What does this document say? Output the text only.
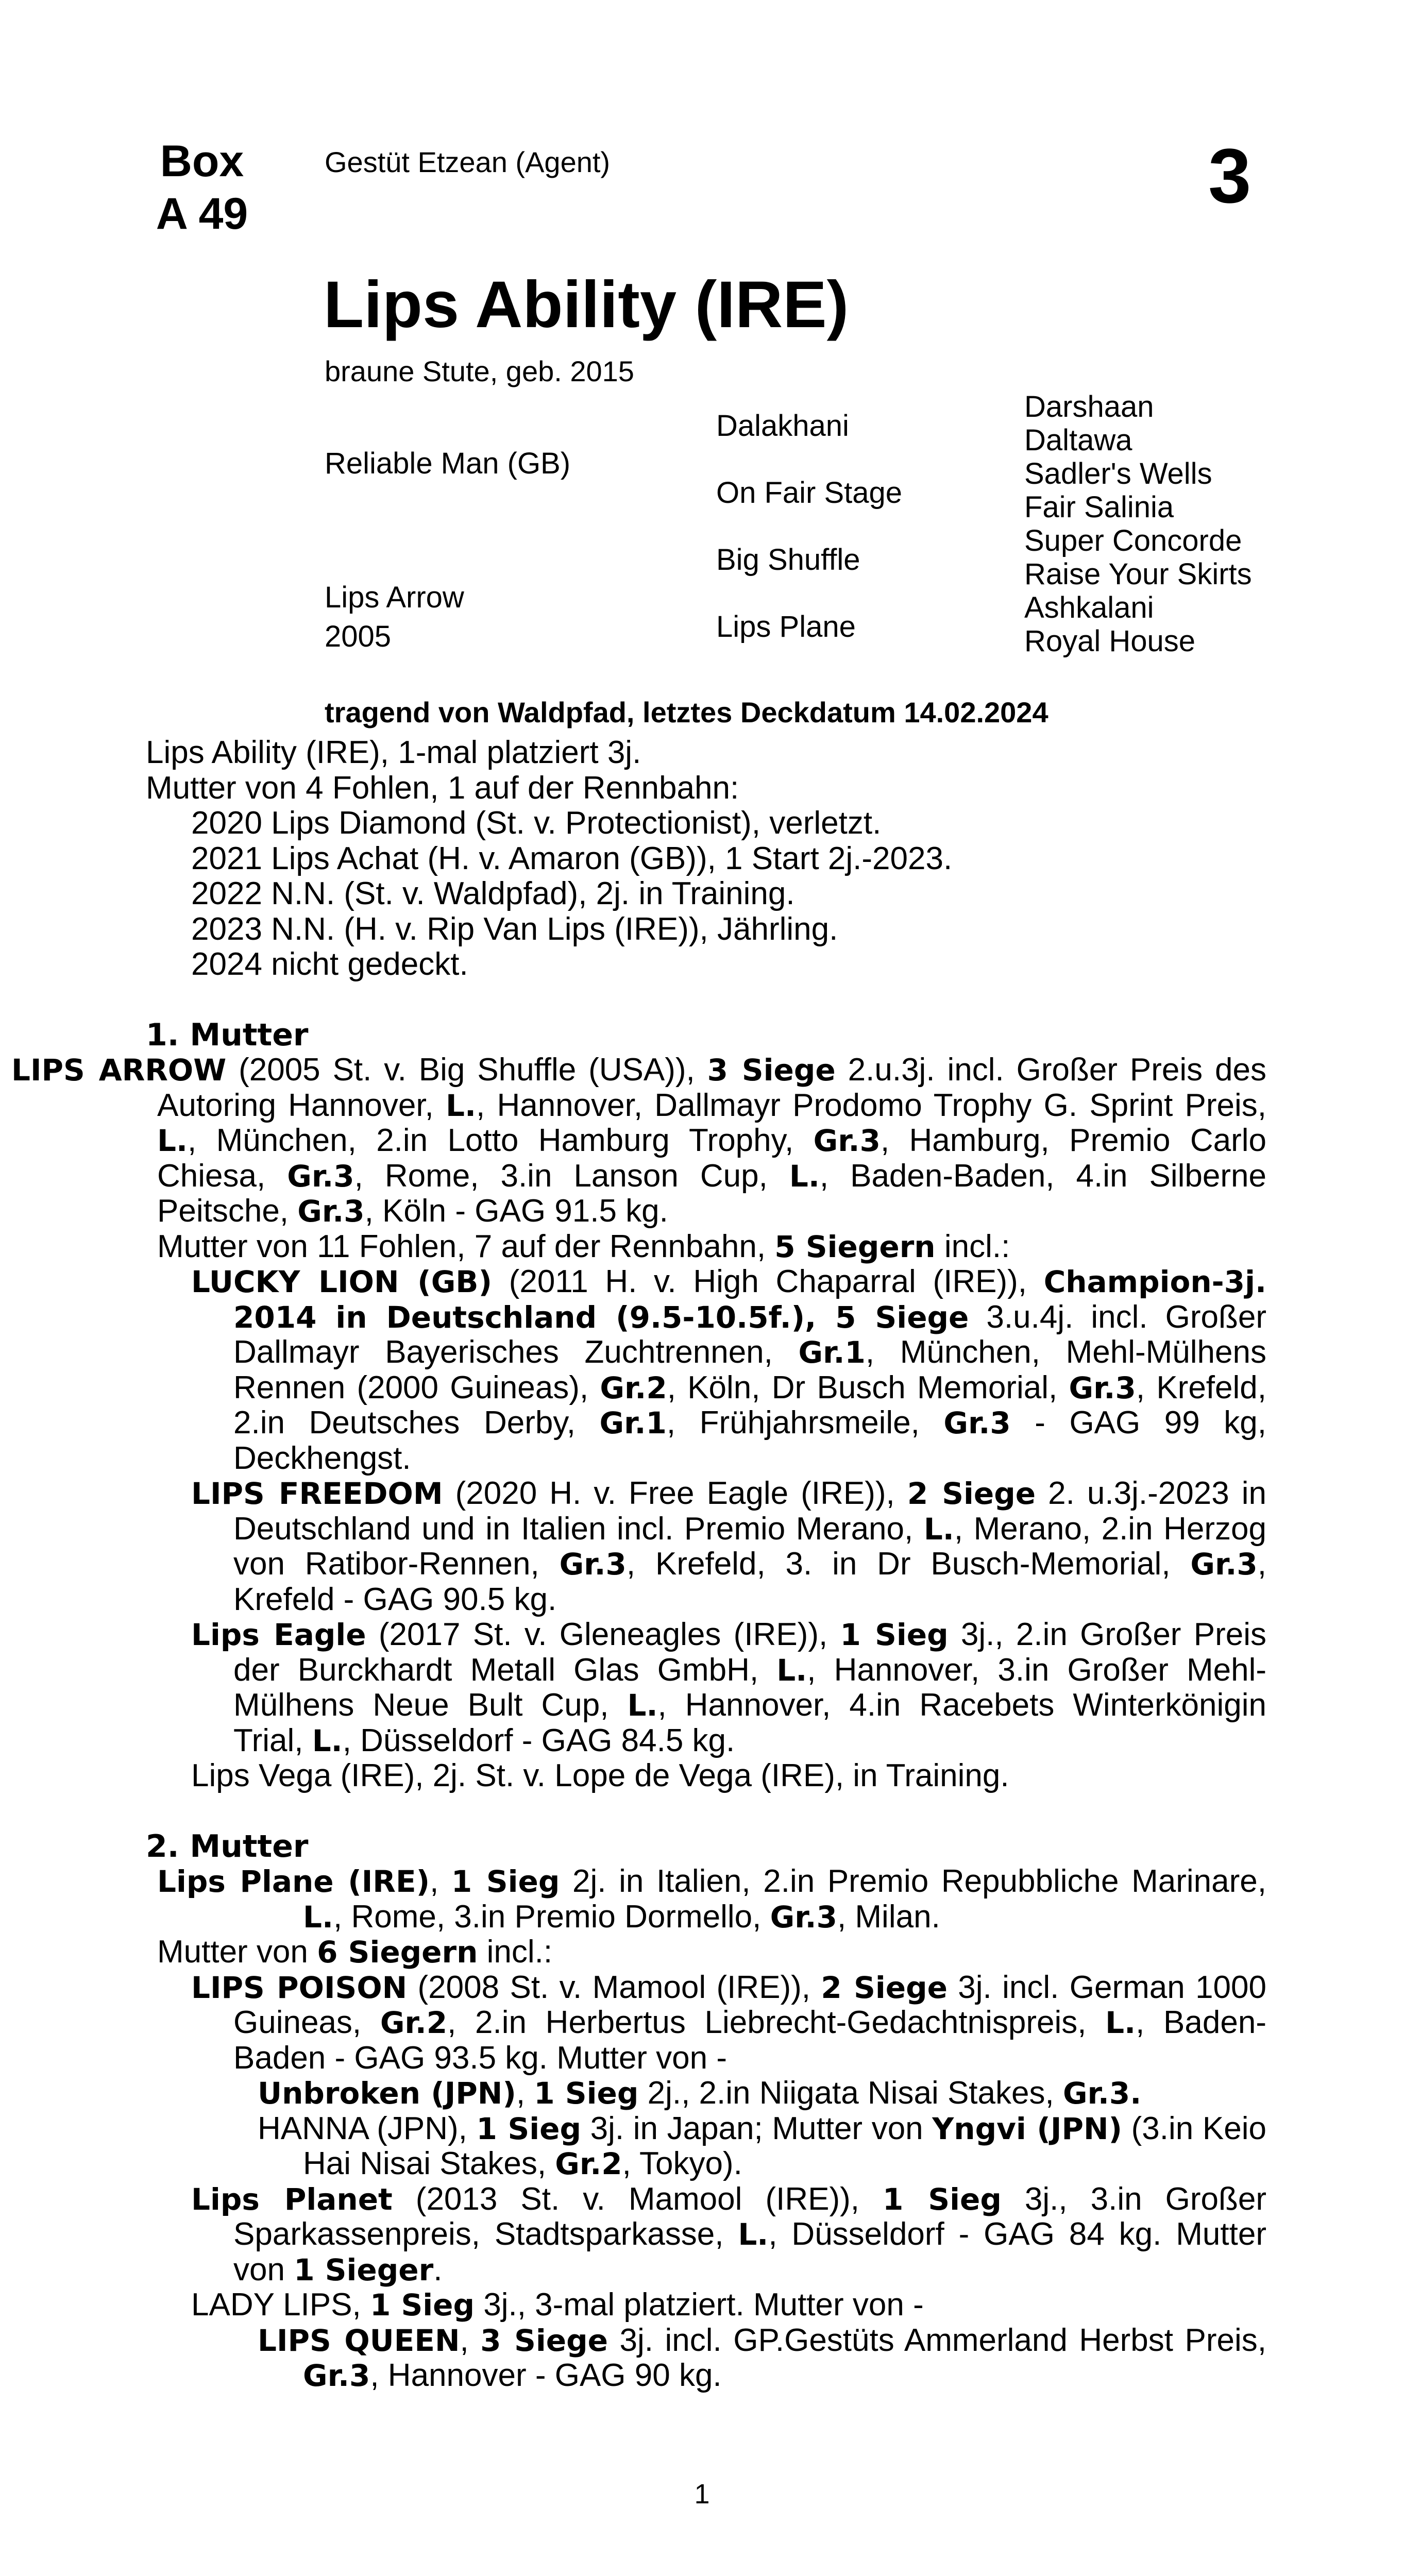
Box
A 49
Gestüt Etzean (Agent)	3
Lips Ability (IRE)
braune Stute, geb. 2015
Reliable Man (GB)
Lips Arrow
2005
Dalakhani
On Fair Stage
Big Shuffle
Lips Plane
Darshaan
Daltawa
Sadler's Wells
Fair Salinia
Super Concorde
Raise Your Skirts
Ashkalani
Royal House
tragend von Waldpfad, letztes Deckdatum 14.02.2024

Lips Ability (IRE), 1-mal platziert 3j.

Mutter von 4 Fohlen, 1 auf der Rennbahn:

2020 Lips Diamond (St. v. Protectionist), verletzt.

2021 Lips Achat (H. v. Amaron (GB)), 1 Start 2j.-2023.

2022 N.N. (St. v. Waldpfad), 2j. in Training.

2023 N.N. (H. v. Rip Van Lips (IRE)), Jährling.

2024 nicht gedeckt.

1. Mutter

LIPS ARROW (2005 St. v. Big Shuffle (USA)), 3 Siege 2.u.3j. incl. Großer Preis des Autoring Hannover, L., Hannover, Dallmayr Prodomo Trophy G. Sprint Preis, L., München, 2.in Lotto Hamburg Trophy, Gr.3, Hamburg, Premio Carlo Chiesa, Gr.3, Rome, 3.in Lanson Cup, L., Baden-Baden, 4.in Silberne Peitsche, Gr.3, Köln - GAG 91.5 kg.

Mutter von 11 Fohlen, 7 auf der Rennbahn, 5 Siegern incl.:

LUCKY LION (GB) (2011 H. v. High Chaparral (IRE)), Champion-3j. 2014 in Deutschland (9.5-10.5f.), 5 Siege 3.u.4j. incl. Großer Dallmayr Bayerisches Zuchtrennen, Gr.1, München, Mehl-Mülhens Rennen (2000 Guineas), Gr.2, Köln, Dr Busch Memorial, Gr.3, Krefeld, 2.in Deutsches Derby, Gr.1, Frühjahrsmeile, Gr.3 - GAG 99 kg, Deckhengst.

LIPS FREEDOM (2020 H. v. Free Eagle (IRE)), 2 Siege 2. u.3j.-2023 in Deutschland und in Italien incl. Premio Merano, L., Merano, 2.in Herzog von Ratibor-Rennen, Gr.3, Krefeld, 3. in Dr Busch-Memorial, Gr.3, Krefeld - GAG 90.5 kg.

Lips Eagle (2017 St. v. Gleneagles (IRE)), 1 Sieg 3j., 2.in Großer Preis der Burckhardt Metall Glas GmbH, L., Hannover, 3.in Großer Mehl-Mülhens Neue Bult Cup, L., Hannover, 4.in Racebets Winterkönigin Trial, L., Düsseldorf - GAG 84.5 kg.

Lips Vega (IRE), 2j. St. v. Lope de Vega (IRE), in Training.

2. Mutter

Lips Plane (IRE), 1 Sieg 2j. in Italien, 2.in Premio Repubbliche Marinare, L., Rome, 3.in Premio Dormello, Gr.3, Milan.

Mutter von 6 Siegern incl.:

LIPS POISON (2008 St. v. Mamool (IRE)), 2 Siege 3j. incl. German 1000 Guineas, Gr.2, 2.in Herbertus Liebrecht-Gedachtnispreis, L., Baden-Baden - GAG 93.5 kg. Mutter von -

Unbroken (JPN), 1 Sieg 2j., 2.in Niigata Nisai Stakes, Gr.3.

HANNA (JPN), 1 Sieg 3j. in Japan; Mutter von Yngvi (JPN) (3.in Keio Hai Nisai Stakes, Gr.2, Tokyo).

Lips Planet (2013 St. v. Mamool (IRE)), 1 Sieg 3j., 3.in Großer Sparkassenpreis, Stadtsparkasse, L., Düsseldorf - GAG 84 kg. Mutter von 1 Sieger.

LADY LIPS, 1 Sieg 3j., 3-mal platziert. Mutter von -

LIPS QUEEN, 3 Siege 3j. incl. GP.Gestüts Ammerland Herbst Preis, Gr.3, Hannover - GAG 90 kg.

1
